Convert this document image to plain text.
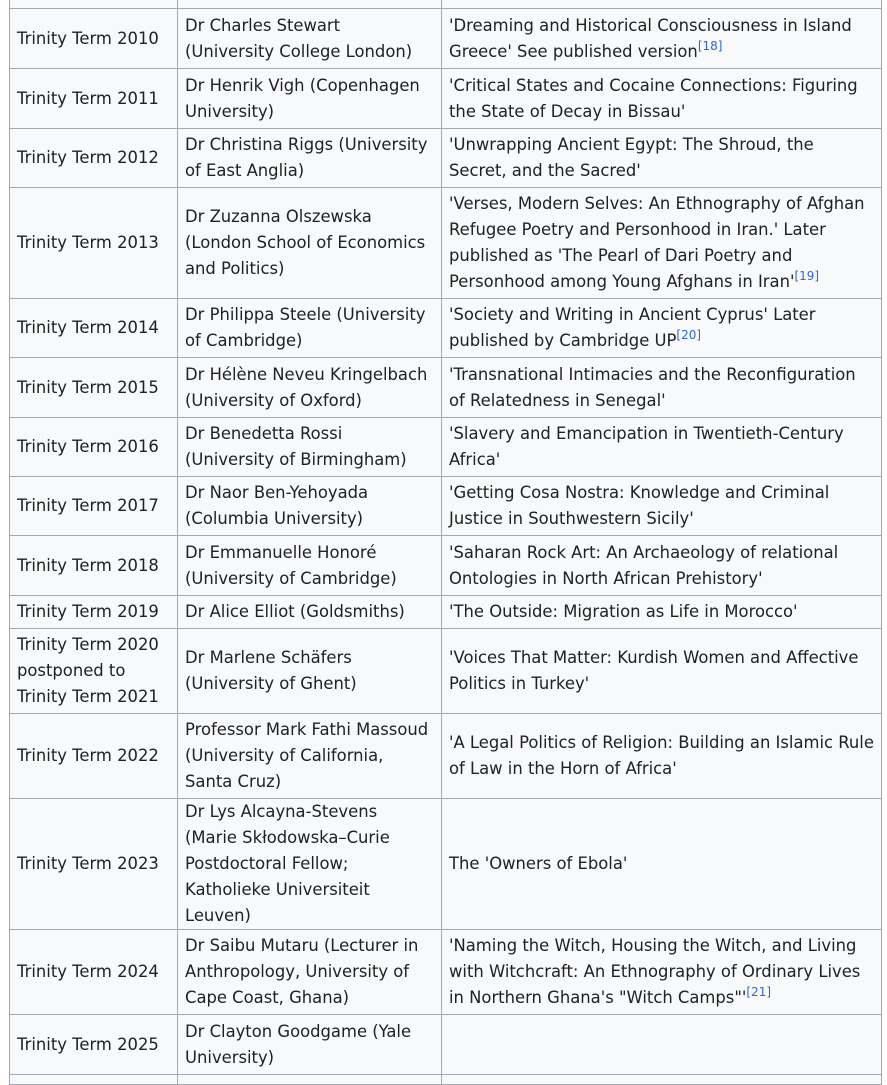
Trinity Term 2010	Dr Charles Stewart (University College London)	'Dreaming and Historical Consciousness in Island Greece' See published version[18]
Trinity Term 2011	Dr Henrik Vigh (Copenhagen University)	'Critical States and Cocaine Connections: Figuring the State of Decay in Bissau'
Trinity Term 2012	Dr Christina Riggs (University of East Anglia)	'Unwrapping Ancient Egypt: The Shroud, the Secret, and the Sacred'
Trinity Term 2013	Dr Zuzanna Olszewska (London School of Economics and Politics)	'Verses, Modern Selves: An Ethnography of Afghan Refugee Poetry and Personhood in Iran.' Later published as 'The Pearl of Dari Poetry and Personhood among Young Afghans in Iran'[19]
Trinity Term 2014	Dr Philippa Steele (University of Cambridge)	'Society and Writing in Ancient Cyprus' Later published by Cambridge UP[20]
Trinity Term 2015	Dr Hélène Neveu Kringelbach (University of Oxford)	'Transnational Intimacies and the Reconfiguration of Relatedness in Senegal'
Trinity Term 2016	Dr Benedetta Rossi (University of Birmingham)	'Slavery and Emancipation in Twentieth-Century Africa'
Trinity Term 2017	Dr Naor Ben-Yehoyada (Columbia University)	'Getting Cosa Nostra: Knowledge and Criminal Justice in Southwestern Sicily'
Trinity Term 2018	Dr Emmanuelle Honoré (University of Cambridge)	'Saharan Rock Art: An Archaeology of relational Ontologies in North African Prehistory'
Trinity Term 2019	Dr Alice Elliot (Goldsmiths)	'The Outside: Migration as Life in Morocco'
Trinity Term 2020 postponed to Trinity Term 2021	Dr Marlene Schäfers (University of Ghent)	'Voices That Matter: Kurdish Women and Affective Politics in Turkey'
Trinity Term 2022	Professor Mark Fathi Massoud (University of California, Santa Cruz)	'A Legal Politics of Religion: Building an Islamic Rule of Law in the Horn of Africa'
Trinity Term 2023	Dr Lys Alcayna-Stevens (Marie Skłodowska–Curie Postdoctoral Fellow; Katholieke Universiteit Leuven)	The 'Owners of Ebola'
Trinity Term 2024	Dr Saibu Mutaru (Lecturer in Anthropology, University of Cape Coast, Ghana)	'Naming the Witch, Housing the Witch, and Living with Witchcraft: An Ethnography of Ordinary Lives in Northern Ghana's "Witch Camps"'[21]
Trinity Term 2025	Dr Clayton Goodgame (Yale University)	
